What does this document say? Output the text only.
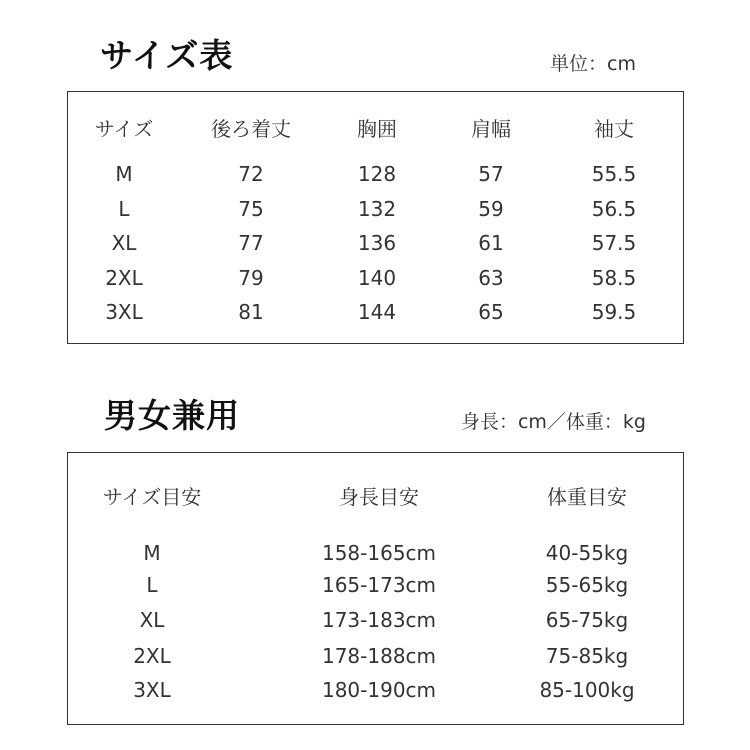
サイズ表	単位：cm
サイズ	後ろ着丈	胸囲	肩幅	袖丈
M	72	128	57	55.5
L	75	132	59	56.5
XL	77	136	61	57.5
2XL	79	140	63	58.5
3XL	81	144	65	59.5
男女兼用	身長：cm／体重：kg
サイズ目安	身長目安	体重目安
M	158-165cm	40-55kg
L	165-173cm	55-65kg
XL	173-183cm	65-75kg
2XL	178-188cm	75-85kg
3XL	180-190cm	85-100kg
